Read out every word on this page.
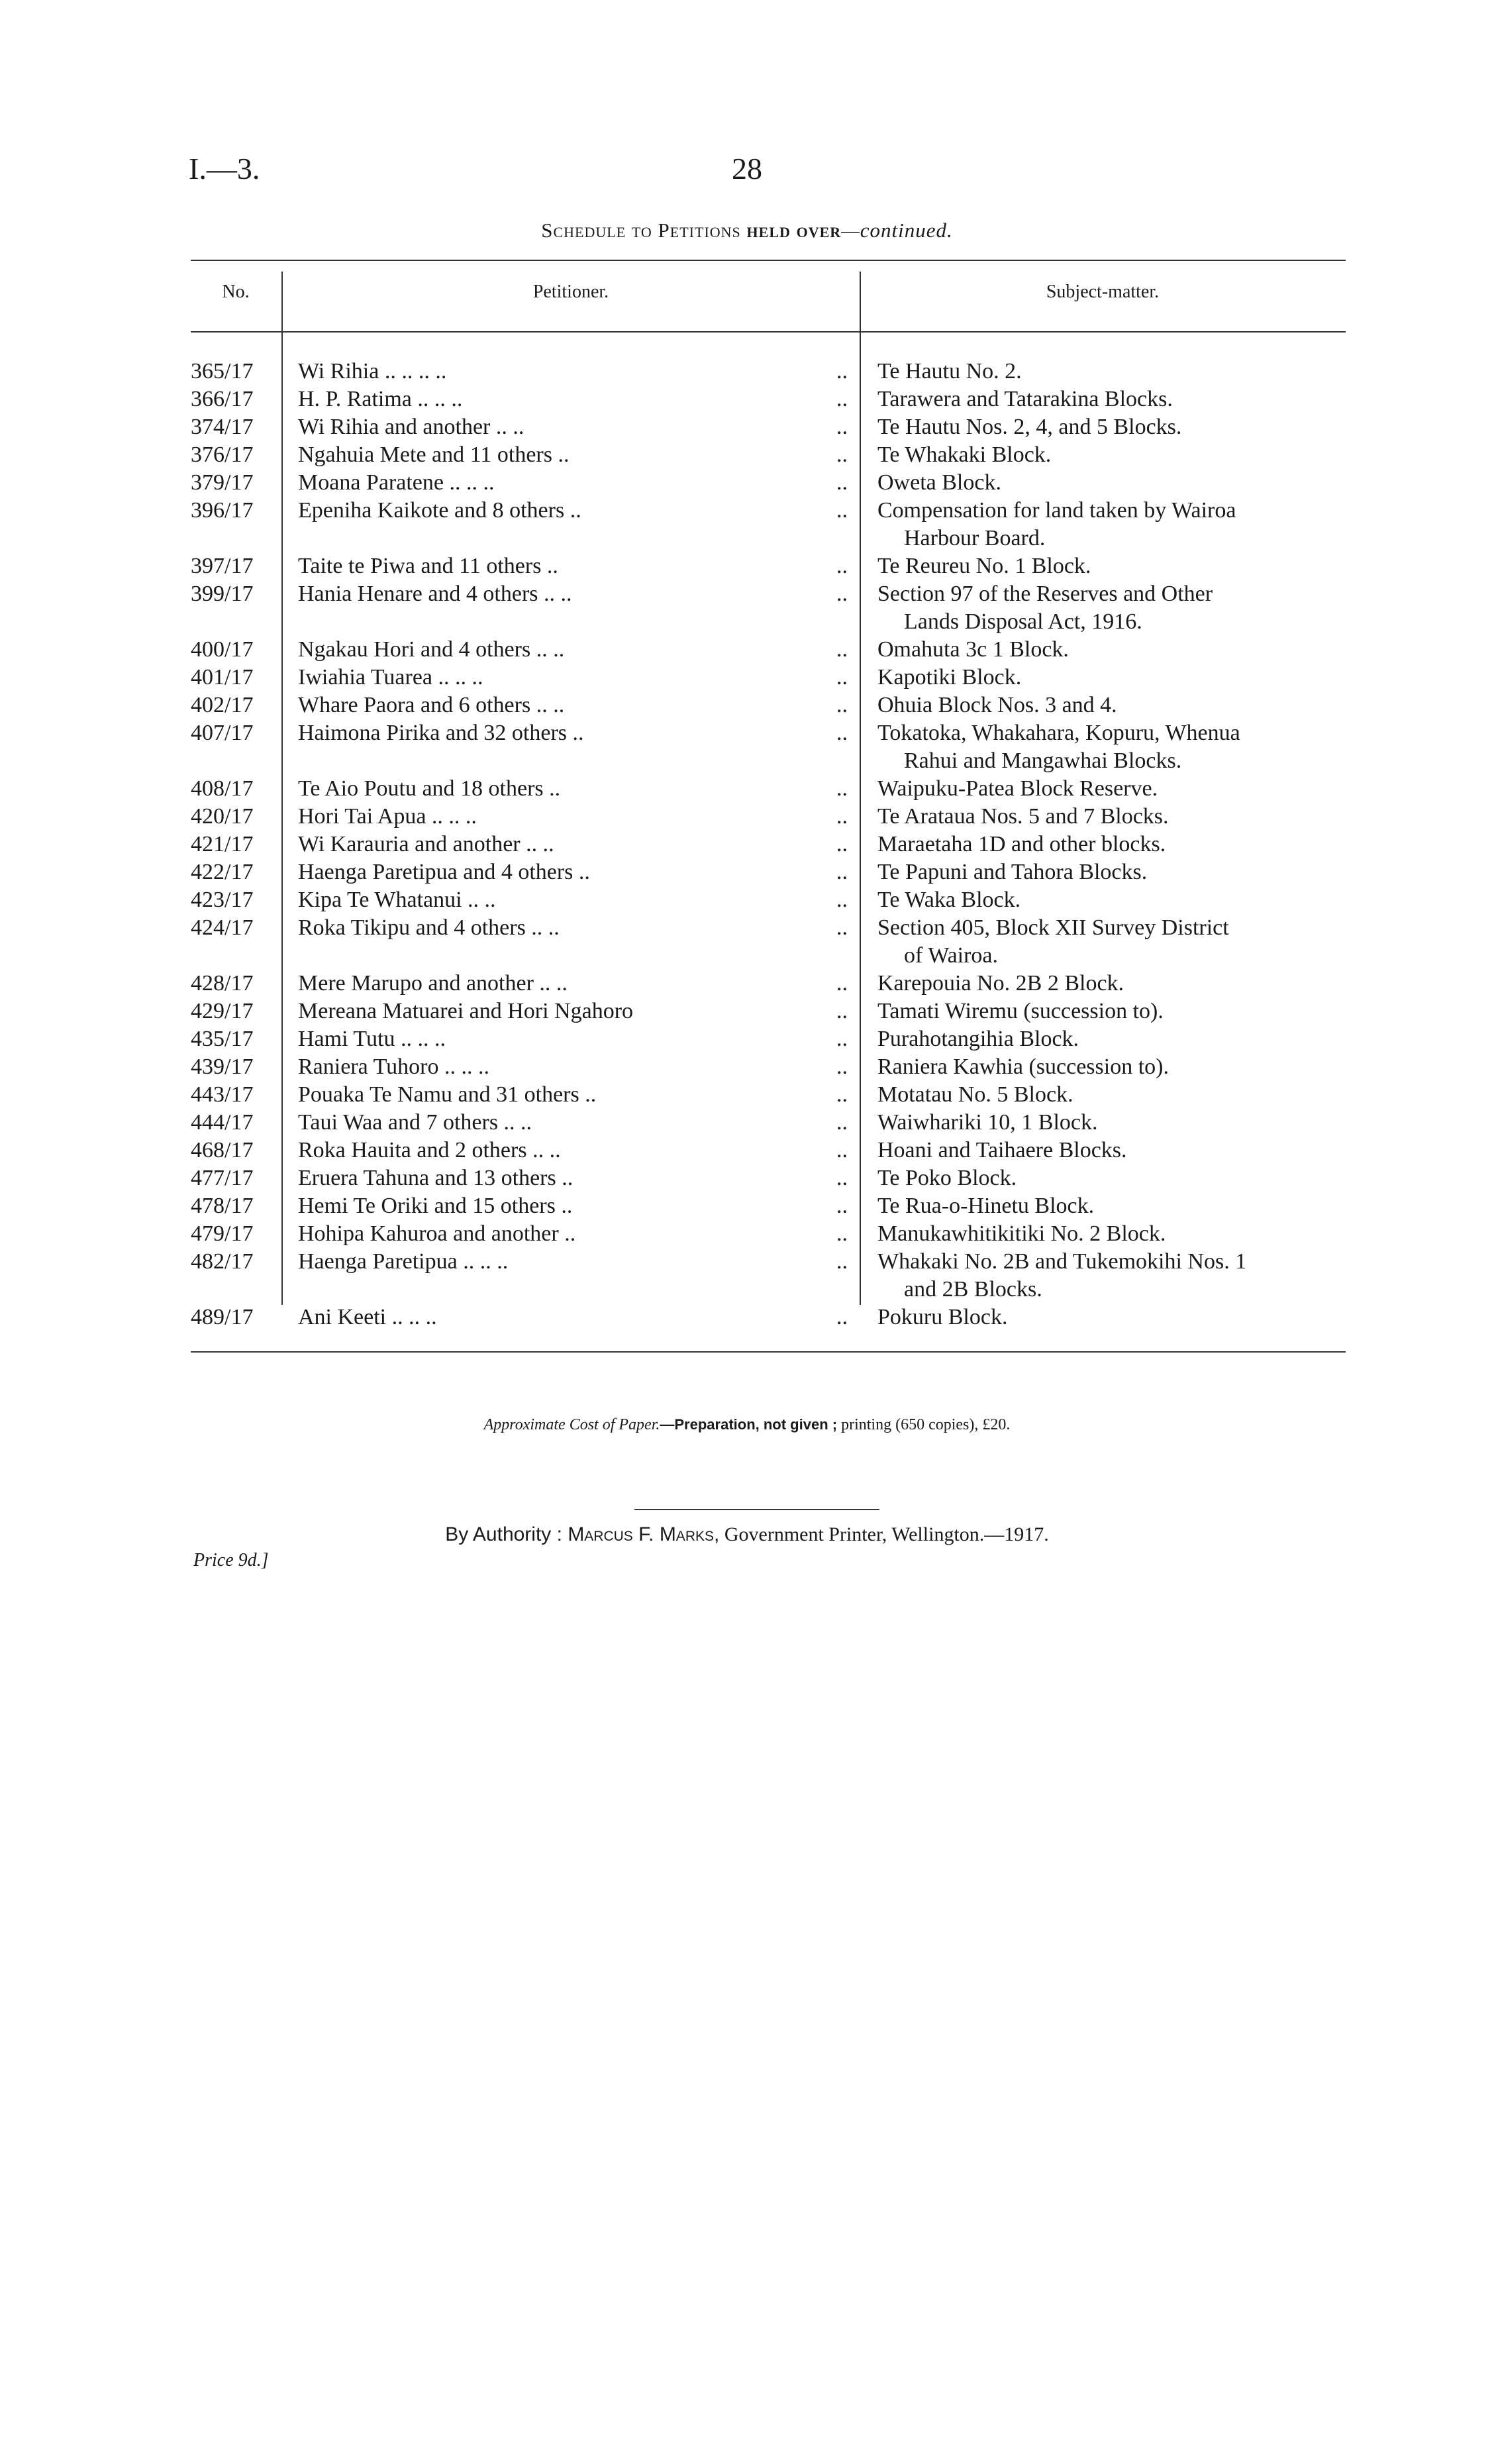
I.—3.	28
Schedule to Petitions held over—continued.
No.	Petitioner.	Subject-matter.
365/17	Wi Rihia .. .. .. ..	.. Te Hautu No. 2.
366/17	H. P. Ratima .. .. ..	.. Tarawera and Tatarakina Blocks.
374/17	Wi Rihia and another .. ..	.. Te Hautu Nos. 2, 4, and 5 Blocks.
376/17	Ngahuia Mete and 11 others ..	.. Te Whakaki Block.
379/17	Moana Paratene .. .. ..	.. Oweta Block.
396/17	Epeniha Kaikote and 8 others ..	.. Compensation for land taken by Wairoa
Harbour Board.
397/17	Taite te Piwa and 11 others ..	.. Te Reureu No. 1 Block.
399/17	Hania Henare and 4 others .. ..	.. Section 97 of the Reserves and Other
Lands Disposal Act, 1916.
400/17	Ngakau Hori and 4 others .. ..	.. Omahuta 3c 1 Block.
401/17	Iwiahia Tuarea .. .. ..	.. Kapotiki Block.
402/17	Whare Paora and 6 others .. ..	.. Ohuia Block Nos. 3 and 4.
407/17	Haimona Pirika and 32 others ..	.. Tokatoka, Whakahara, Kopuru, Whenua
Rahui and Mangawhai Blocks.
408/17	Te Aio Poutu and 18 others ..	.. Waipuku-Patea Block Reserve.
420/17	Hori Tai Apua .. .. ..	.. Te Arataua Nos. 5 and 7 Blocks.
421/17	Wi Karauria and another .. ..	.. Maraetaha 1D and other blocks.
422/17	Haenga Paretipua and 4 others ..	.. Te Papuni and Tahora Blocks.
423/17	Kipa Te Whatanui .. ..	.. Te Waka Block.
424/17	Roka Tikipu and 4 others .. ..	.. Section 405, Block XII Survey District
of Wairoa.
428/17	Mere Marupo and another .. ..	.. Karepouia No. 2B 2 Block.
429/17	Mereana Matuarei and Hori Ngahoro	.. Tamati Wiremu (succession to).
435/17	Hami Tutu .. .. ..	.. Purahotangihia Block.
439/17	Raniera Tuhoro .. .. ..	.. Raniera Kawhia (succession to).
443/17	Pouaka Te Namu and 31 others ..	.. Motatau No. 5 Block.
444/17	Taui Waa and 7 others .. ..	.. Waiwhariki 10, 1 Block.
468/17	Roka Hauita and 2 others .. ..	.. Hoani and Taihaere Blocks.
477/17	Eruera Tahuna and 13 others ..	.. Te Poko Block.
478/17	Hemi Te Oriki and 15 others ..	.. Te Rua-o-Hinetu Block.
479/17	Hohipa Kahuroa and another ..	.. Manukawhitikitiki No. 2 Block.
482/17	Haenga Paretipua .. .. ..	.. Whakaki No. 2B and Tukemokihi Nos. 1
and 2B Blocks.
489/17	Ani Keeti .. .. ..	.. Pokuru Block.
Approximate Cost of Paper.—Preparation, not given ; printing (650 copies), £20.
By Authority : Marcus F. Marks, Government Printer, Wellington.—1917.
Price 9d.]
